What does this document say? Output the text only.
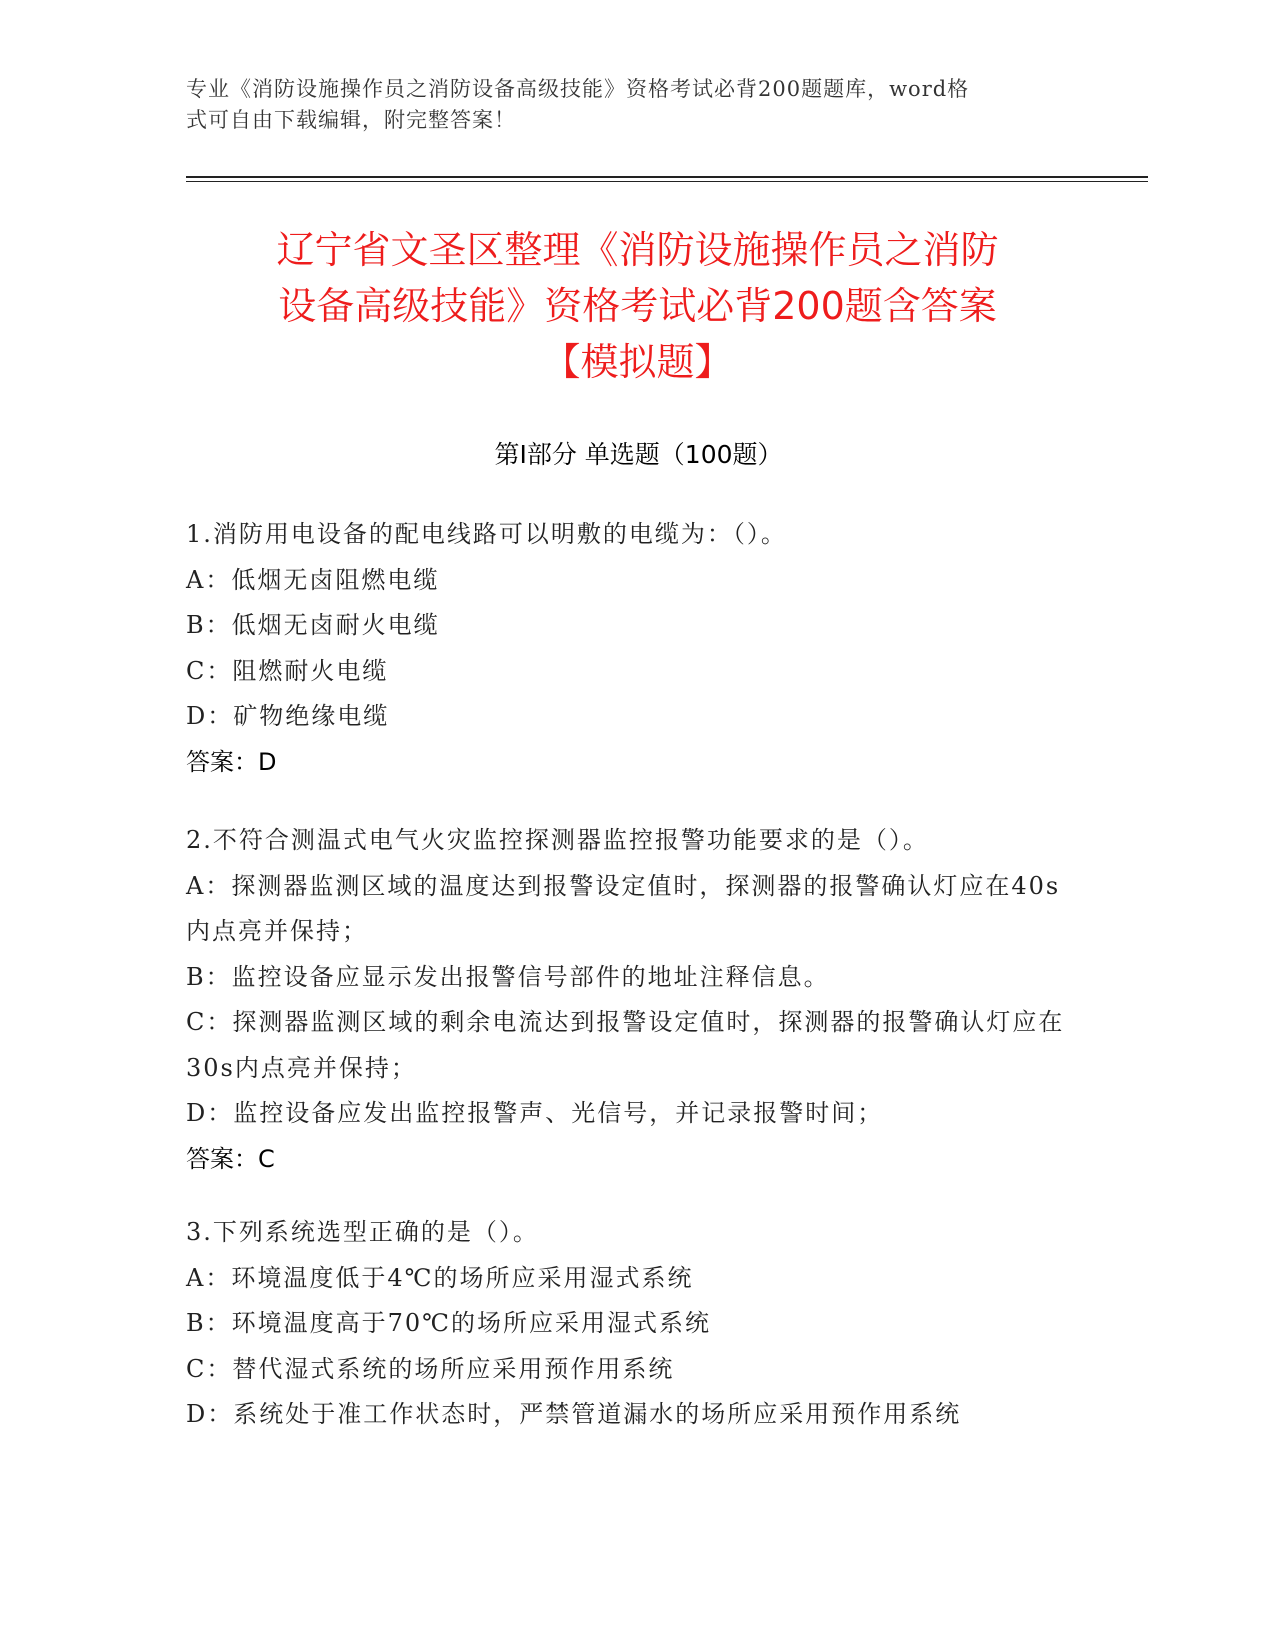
专业《消防设施操作员之消防设备高级技能》资格考试必背200题题库，word格
式可自由下载编辑，附完整答案！
辽宁省文圣区整理《消防设施操作员之消防
设备高级技能》资格考试必背200题含答案
【模拟题】
第I部分 单选题（100题）

1.消防用电设备的配电线路可以明敷的电缆为：（）。

A：低烟无卤阻燃电缆

B：低烟无卤耐火电缆

C：阻燃耐火电缆

D：矿物绝缘电缆

答案：D

2.不符合测温式电气火灾监控探测器监控报警功能要求的是（）。

A：探测器监测区域的温度达到报警设定值时，探测器的报警确认灯应在40s内点亮并保持；

B：监控设备应显示发出报警信号部件的地址注释信息。

C：探测器监测区域的剩余电流达到报警设定值时，探测器的报警确认灯应在30s内点亮并保持；

D：监控设备应发出监控报警声、光信号，并记录报警时间；

答案：C

3.下列系统选型正确的是（）。

A：环境温度低于4℃的场所应采用湿式系统

B：环境温度高于70℃的场所应采用湿式系统

C：替代湿式系统的场所应采用预作用系统

D：系统处于准工作状态时，严禁管道漏水的场所应采用预作用系统
